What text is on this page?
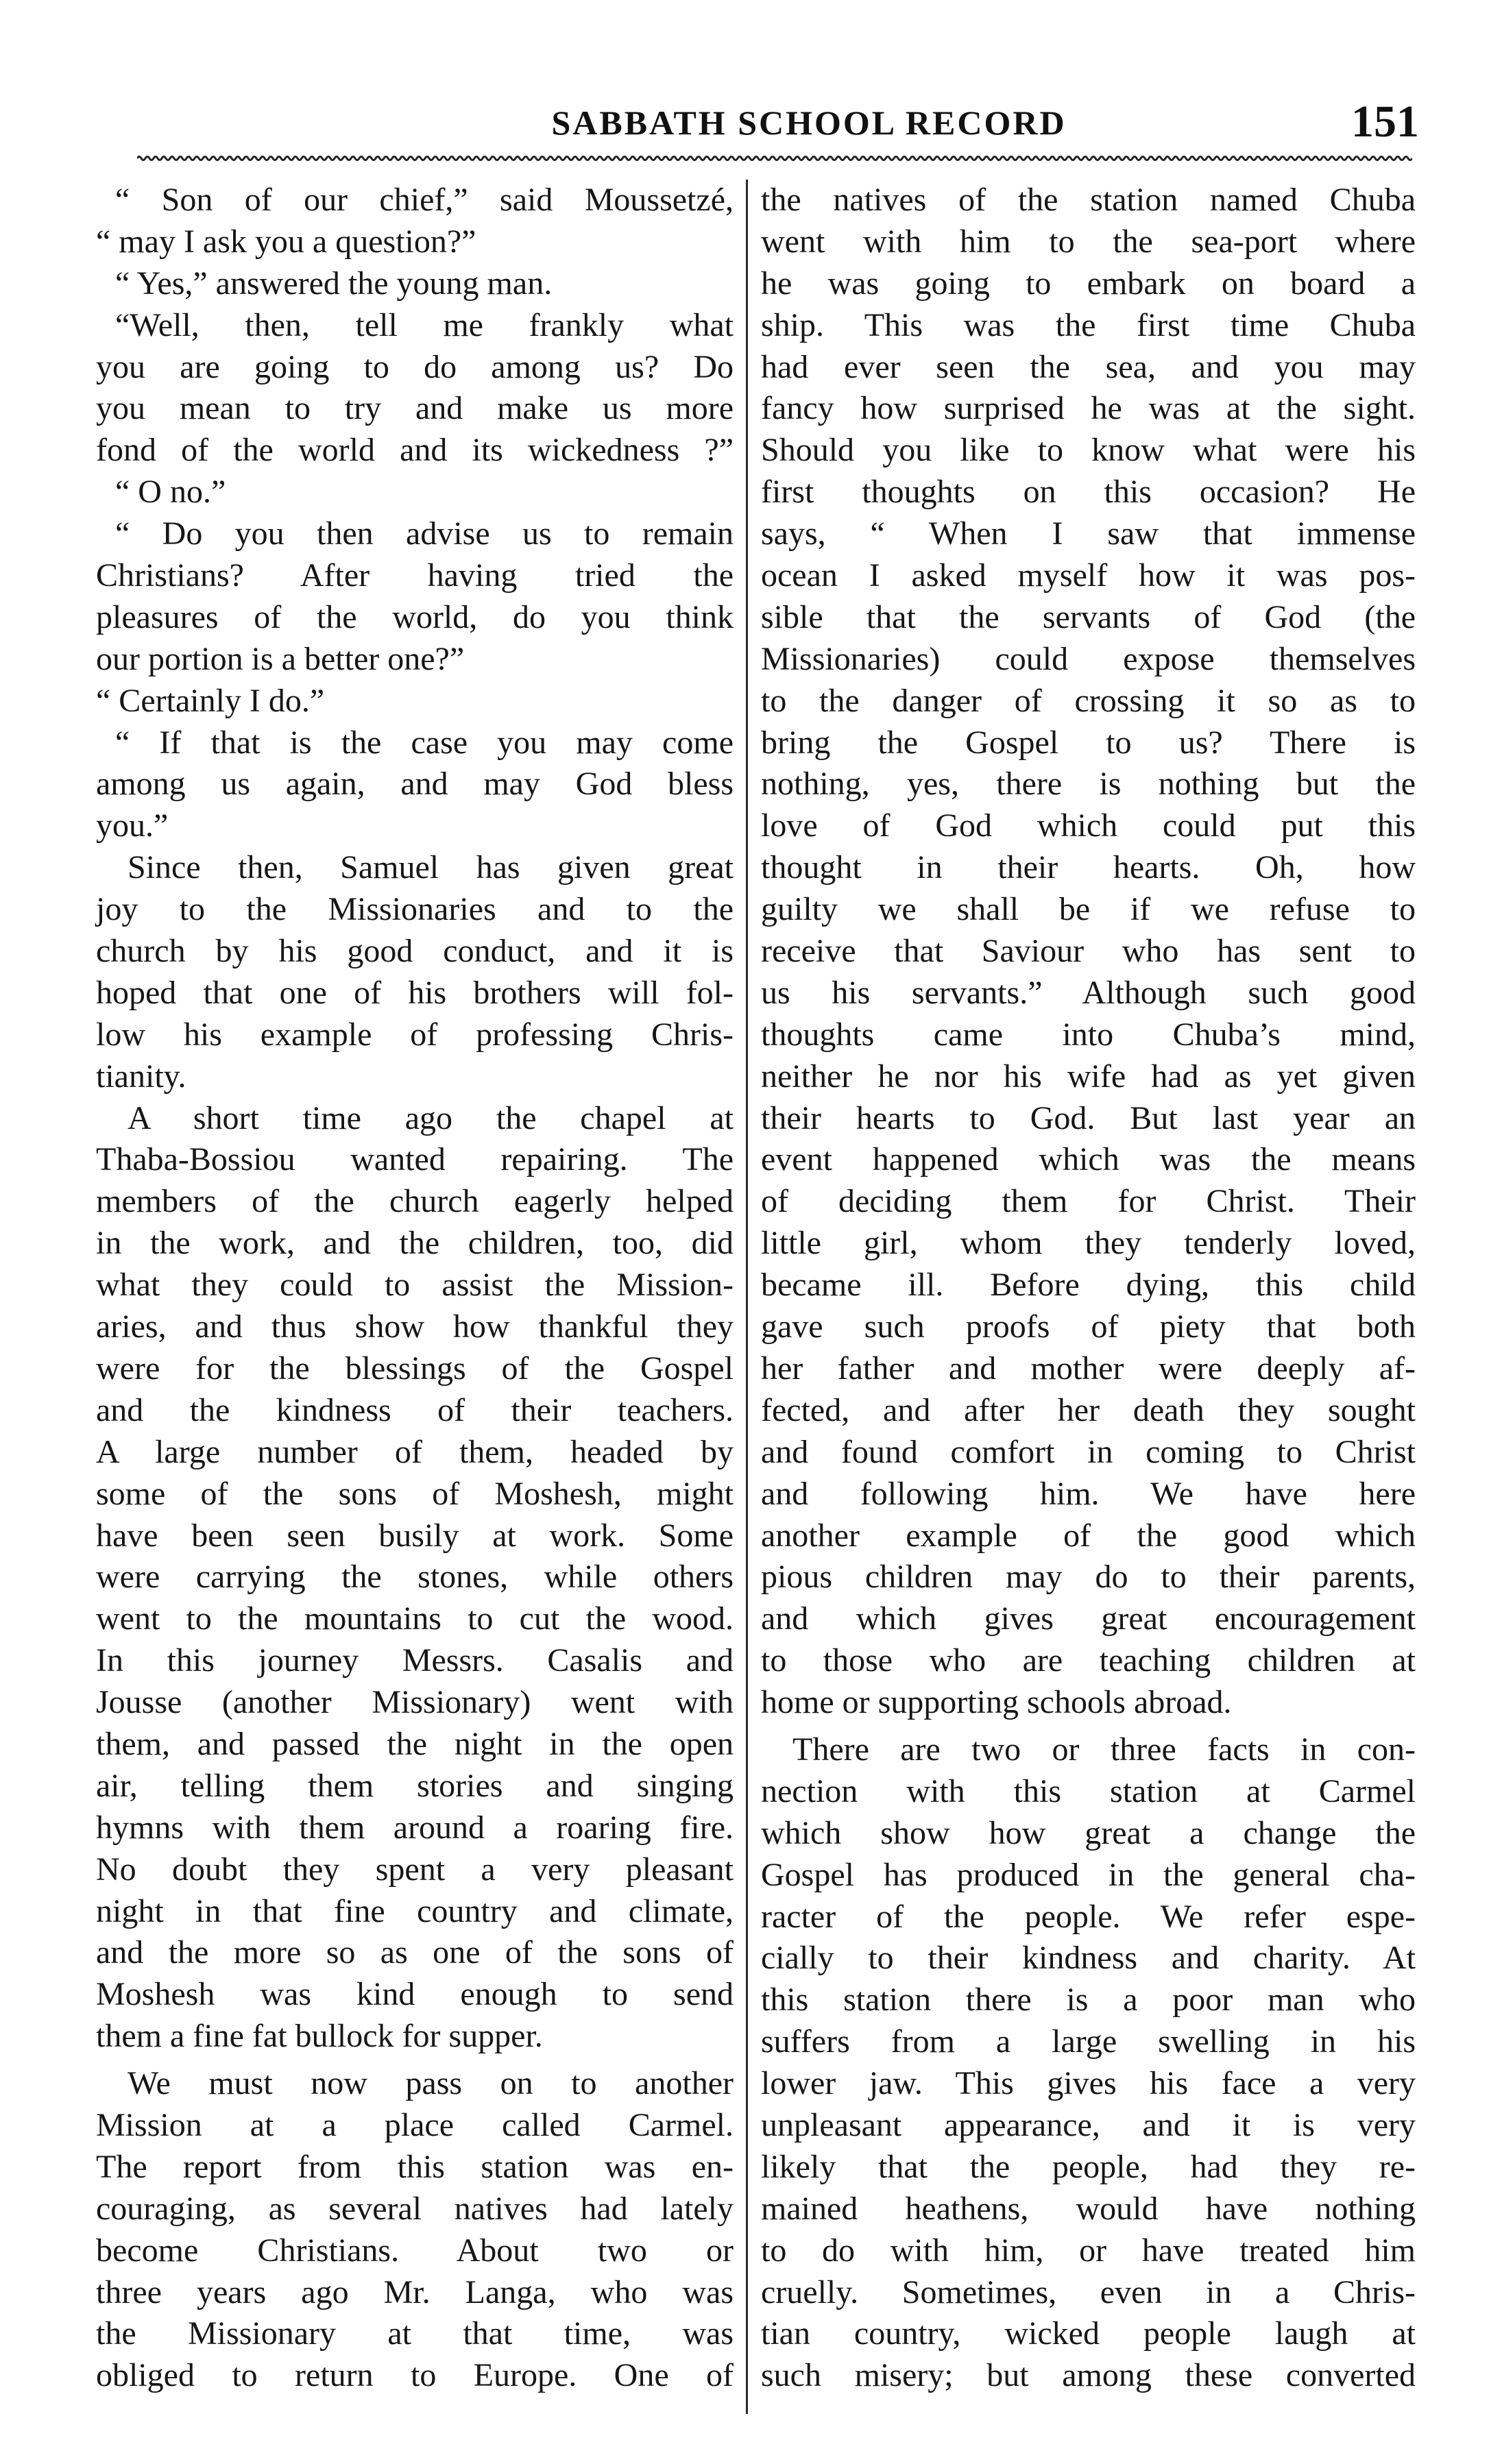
SABBATH SCHOOL RECORD	151
“ Son of our chief,” said Moussetzé,
“ may I ask you a question?”
“ Yes,” answered the young man.
“Well, then, tell me frankly what
you are going to do among us? Do
you mean to try and make us more
fond of the world and its wickedness ?”
“ O no.”
“ Do you then advise us to remain
Christians? After having tried the
pleasures of the world, do you think
our portion is a better one?”
“ Certainly I do.”
“ If that is the case you may come
among us again, and may God bless
you.”
Since then, Samuel has given great
joy to the Missionaries and to the
church by his good conduct, and it is
hoped that one of his brothers will fol-
low his example of professing Chris-
tianity.
A short time ago the chapel at
Thaba-Bossiou wanted repairing. The
members of the church eagerly helped
in the work, and the children, too, did
what they could to assist the Mission-
aries, and thus show how thankful they
were for the blessings of the Gospel
and the kindness of their teachers.
A large number of them, headed by
some of the sons of Moshesh, might
have been seen busily at work. Some
were carrying the stones, while others
went to the mountains to cut the wood.
In this journey Messrs. Casalis and
Jousse (another Missionary) went with
them, and passed the night in the open
air, telling them stories and singing
hymns with them around a roaring fire.
No doubt they spent a very pleasant
night in that fine country and climate,
and the more so as one of the sons of
Moshesh was kind enough to send
them a fine fat bullock for supper.
We must now pass on to another
Mission at a place called Carmel.
The report from this station was en-
couraging, as several natives had lately
become Christians. About two or
three years ago Mr. Langa, who was
the Missionary at that time, was
obliged to return to Europe. One of
the natives of the station named Chuba
went with him to the sea-port where
he was going to embark on board a
ship. This was the first time Chuba
had ever seen the sea, and you may
fancy how surprised he was at the sight.
Should you like to know what were his
first thoughts on this occasion? He
says, “ When I saw that immense
ocean I asked myself how it was pos-
sible that the servants of God (the
Missionaries) could expose themselves
to the danger of crossing it so as to
bring the Gospel to us? There is
nothing, yes, there is nothing but the
love of God which could put this
thought in their hearts. Oh, how
guilty we shall be if we refuse to
receive that Saviour who has sent to
us his servants.” Although such good
thoughts came into Chuba’s mind,
neither he nor his wife had as yet given
their hearts to God. But last year an
event happened which was the means
of deciding them for Christ. Their
little girl, whom they tenderly loved,
became ill. Before dying, this child
gave such proofs of piety that both
her father and mother were deeply af-
fected, and after her death they sought
and found comfort in coming to Christ
and following him. We have here
another example of the good which
pious children may do to their parents,
and which gives great encouragement
to those who are teaching children at
home or supporting schools abroad.
There are two or three facts in con-
nection with this station at Carmel
which show how great a change the
Gospel has produced in the general cha-
racter of the people. We refer espe-
cially to their kindness and charity. At
this station there is a poor man who
suffers from a large swelling in his
lower jaw. This gives his face a very
unpleasant appearance, and it is very
likely that the people, had they re-
mained heathens, would have nothing
to do with him, or have treated him
cruelly. Sometimes, even in a Chris-
tian country, wicked people laugh at
such misery; but among these converted
